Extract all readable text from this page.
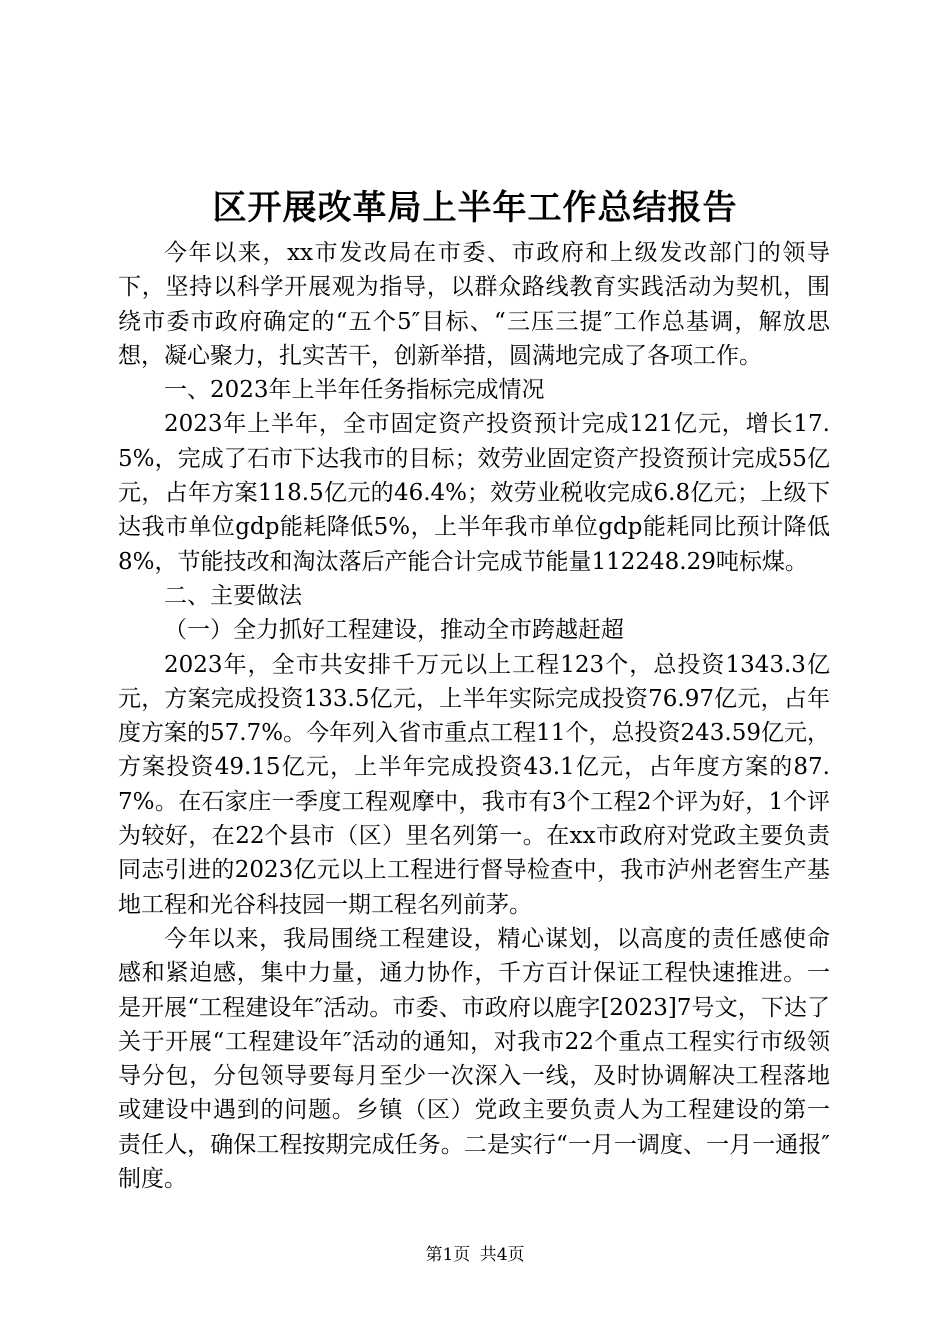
区开展改革局上半年工作总结报告

今年以来，xx市发改局在市委、市政府和上级发改部门的领导下，坚持以科学开展观为指导，以群众路线教育实践活动为契机，围绕市委市政府确定的“五个5″目标、“三压三提″工作总基调，解放思想，凝心聚力，扎实苦干，创新举措，圆满地完成了各项工作。

一、2023年上半年任务指标完成情况

2023年上半年，全市固定资产投资预计完成121亿元，增长17.5%，完成了石市下达我市的目标；效劳业固定资产投资预计完成55亿元，占年方案118.5亿元的46.4%；效劳业税收完成6.8亿元；上级下达我市单位gdp能耗降低5%，上半年我市单位gdp能耗同比预计降低8%，节能技改和淘汰落后产能合计完成节能量112248.29吨标煤。

二、主要做法

（一）全力抓好工程建设，推动全市跨越赶超

2023年，全市共安排千万元以上工程123个，总投资1343.3亿元，方案完成投资133.5亿元，上半年实际完成投资76.97亿元，占年度方案的57.7%。今年列入省市重点工程11个，总投资243.59亿元，方案投资49.15亿元，上半年完成投资43.1亿元，占年度方案的87.7%。在石家庄一季度工程观摩中，我市有3个工程2个评为好，1个评为较好，在22个县市（区）里名列第一。在xx市政府对党政主要负责同志引进的2023亿元以上工程进行督导检查中，我市泸州老窖生产基地工程和光谷科技园一期工程名列前茅。

今年以来，我局围绕工程建设，精心谋划，以高度的责任感使命感和紧迫感，集中力量，通力协作，千方百计保证工程快速推进。一是开展“工程建设年″活动。市委、市政府以鹿字[2023]7号文，下达了关于开展“工程建设年″活动的通知，对我市22个重点工程实行市级领导分包，分包领导要每月至少一次深入一线，及时协调解决工程落地或建设中遇到的问题。乡镇（区）党政主要负责人为工程建设的第一责任人，确保工程按期完成任务。二是实行“一月一调度、一月一通报″制度。

第1页 共4页
